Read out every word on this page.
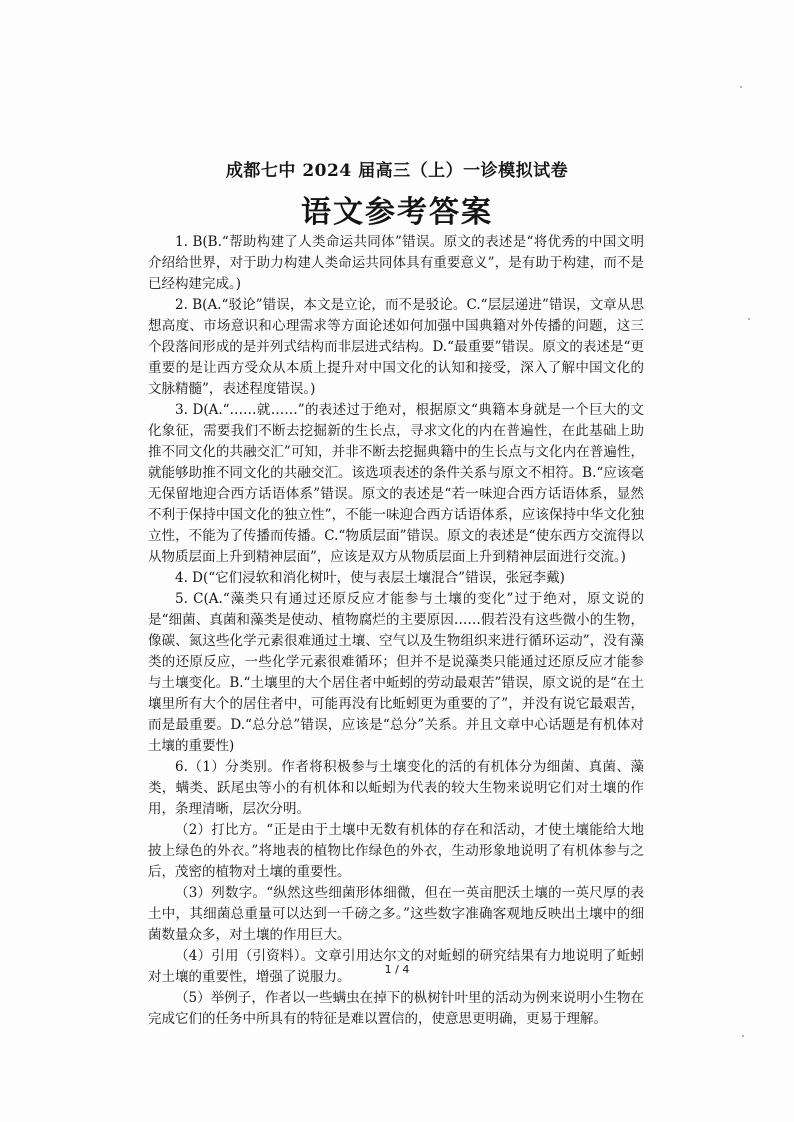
成都七中 2024 届高三（上）一诊模拟试卷
语文参考答案

1. B(B.“帮助构建了人类命运共同体”错误。原文的表述是“将优秀的中国文明介绍给世界，对于助力构建人类命运共同体具有重要意义”，是有助于构建，而不是已经构建完成。)

2. B(A.“驳论”错误，本文是立论，而不是驳论。C.“层层递进”错误，文章从思想高度、市场意识和心理需求等方面论述如何加强中国典籍对外传播的问题，这三个段落间形成的是并列式结构而非层进式结构。D.“最重要”错误。原文的表述是“更重要的是让西方受众从本质上提升对中国文化的认知和接受，深入了解中国文化的文脉精髓”，表述程度错误。)

3. D(A.“……就……”的表述过于绝对，根据原文“典籍本身就是一个巨大的文化象征，需要我们不断去挖掘新的生长点，寻求文化的内在普遍性，在此基础上助推不同文化的共融交汇”可知，并非不断去挖掘典籍中的生长点与文化内在普遍性，就能够助推不同文化的共融交汇。该选项表述的条件关系与原文不相符。B.“应该毫无保留地迎合西方话语体系”错误。原文的表述是“若一味迎合西方话语体系，显然不利于保持中国文化的独立性”，不能一味迎合西方话语体系，应该保持中华文化独立性，不能为了传播而传播。C.“物质层面”错误。原文的表述是“使东西方交流得以从物质层面上升到精神层面”，应该是双方从物质层面上升到精神层面进行交流。)

4. D(“它们浸软和消化树叶，使与表层土壤混合”错误，张冠李戴)

5. C(A.“藻类只有通过还原反应才能参与土壤的变化”过于绝对，原文说的是“细菌、真菌和藻类是使动、植物腐烂的主要原因……假若没有这些微小的生物，像碳、氮这些化学元素很难通过土壤、空气以及生物组织来进行循环运动”，没有藻类的还原反应，一些化学元素很难循环；但并不是说藻类只能通过还原反应才能参与土壤变化。B.“土壤里的大个居住者中蚯蚓的劳动最艰苦”错误，原文说的是“在土壤里所有大个的居住者中，可能再没有比蚯蚓更为重要的了”，并没有说它最艰苦，而是最重要。D.“总分总”错误，应该是“总分”关系。并且文章中心话题是有机体对土壤的重要性)

6.（1）分类别。作者将积极参与土壤变化的活的有机体分为细菌、真菌、藻类，螨类、跃尾虫等小的有机体和以蚯蚓为代表的较大生物来说明它们对土壤的作用，条理清晰，层次分明。

（2）打比方。“正是由于土壤中无数有机体的存在和活动，才使土壤能给大地披上绿色的外衣。”将地表的植物比作绿色的外衣，生动形象地说明了有机体参与之后，茂密的植物对土壤的重要性。

（3）列数字。“纵然这些细菌形体细微，但在一英亩肥沃土壤的一英尺厚的表土中，其细菌总重量可以达到一千磅之多。”这些数字准确客观地反映出土壤中的细菌数量众多，对土壤的作用巨大。

（4）引用（引资料）。文章引用达尔文的对蚯蚓的研究结果有力地说明了蚯蚓对土壤的重要性，增强了说服力。

（5）举例子，作者以一些螨虫在掉下的枞树针叶里的活动为例来说明小生物在完成它们的任务中所具有的特征是难以置信的，使意思更明确，更易于理解。

1 / 4
